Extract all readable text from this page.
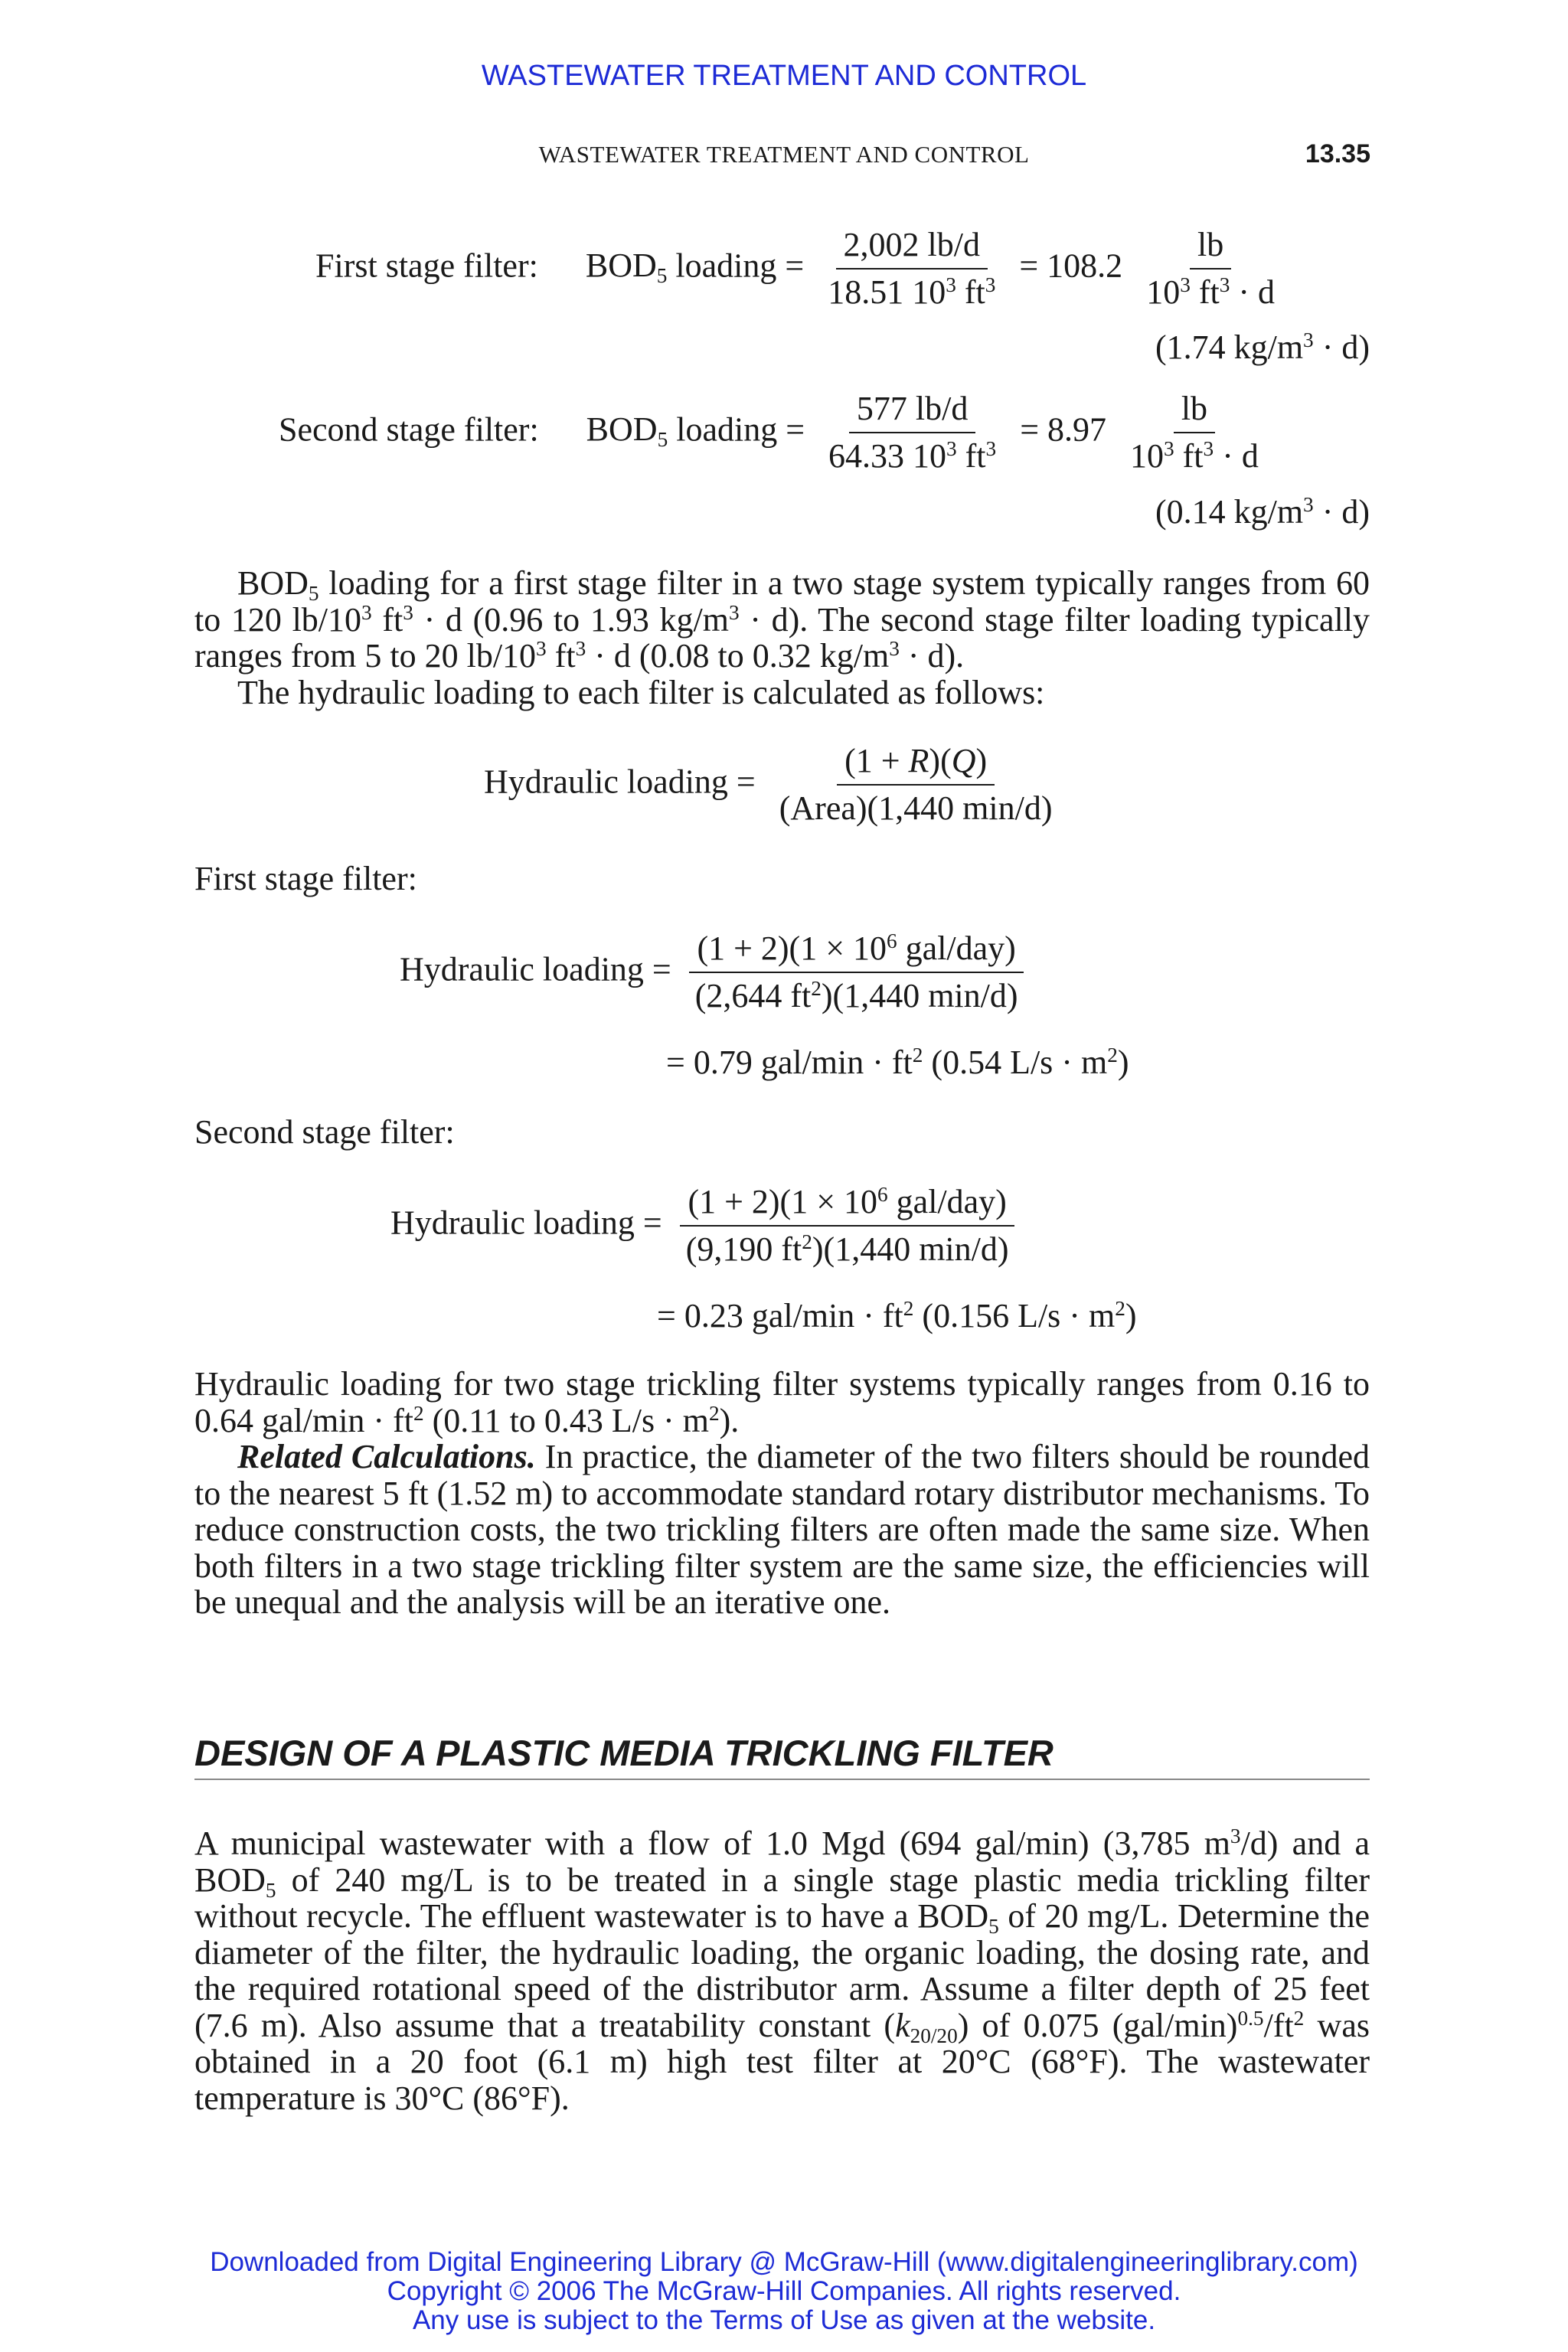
WASTEWATER TREATMENT AND CONTROL
WASTEWATER TREATMENT AND CONTROL	13.35
First stage filter: $BOD_5$ loading = $\frac{2,002 lb/d}{18.51 10^3 ft^3} = 108.2 \frac{lb}{10^3 ft^3 \cdot d}$
(1.74 $kg/m^3 \cdot d$)
Second stage filter: $BOD_5$ loading = $\frac{577 lb/d}{64.33 10^3 ft^3} = 8.97 \frac{lb}{10^3 ft^3 \cdot d}$
(0.14 $kg/m^3 \cdot d$)

$BOD_5$ loading for a first stage filter in a two stage system typically ranges from 60 to 120 $lb/10^3$ $ft^3 \cdot d$ (0.96 to 1.93 $kg/m^3 \cdot d$). The second stage filter loading typically ranges from 5 to 20 $lb/10^3$ $ft^3 \cdot d$ (0.08 to 0.32 $kg/m^3 \cdot d$).

The hydraulic loading to each filter is calculated as follows:

Hydraulic loading = $\frac{(1 + R)(Q)}{\text{(Area)(1,440 min/d)}}$
First stage filter:
Hydraulic loading = $\frac{(1 + 2)(1 \times 10^6 gal/day)}{(2,644 ft^2)(1,440 \min/d)}$
= 0.79 $gal/\min \cdot ft^2$ (0.54 $L/s \cdot m^2$)
Second stage filter:
Hydraulic loading = $\frac{(1 + 2)(1 \times 10^6 gal/day)}{(9,190 ft^2)(1,440 \min/d)}$
= 0.23 $gal/\min \cdot ft^2$ (0.156 $L/s \cdot m^2$)

Hydraulic loading for two stage trickling filter systems typically ranges from 0.16 to 0.64 $gal/\min \cdot ft^2$ (0.11 to 0.43 $L/s \cdot m^2$).

Related Calculations. In practice, the diameter of the two filters should be rounded to the nearest 5 ft (1.52 m) to accommodate standard rotary distributor mechanisms. To reduce construction costs, the two trickling filters are often made the same size. When both filters in a two stage trickling filter system are the same size, the efficiencies will be unequal and the analysis will be an iterative one.

DESIGN OF A PLASTIC MEDIA TRICKLING FILTER

A municipal wastewater with a flow of 1.0 Mgd (694 gal/min) (3,785 $m^3/d$) and a $BOD_5$ of 240 mg/L is to be treated in a single stage plastic media trickling filter without recycle. The effluent wastewater is to have a $BOD_5$ of 20 mg/L. Determine the diameter of the filter, the hydraulic loading, the organic loading, the dosing rate, and the required rotational speed of the distributor arm. Assume a filter depth of 25 feet (7.6 m). Also assume that a treatability constant $(k_{20/20})$ of 0.075 $(gal/\min)^{0.5}/ft^2$ was obtained in a 20 foot (6.1 m) high test filter at 20°C (68°F). The wastewater temperature is 30°C (86°F).

Downloaded from Digital Engineering Library @ McGraw-Hill (www.digitalengineeringlibrary.com)
Copyright © 2006 The McGraw-Hill Companies. All rights reserved.
Any use is subject to the Terms of Use as given at the website.
